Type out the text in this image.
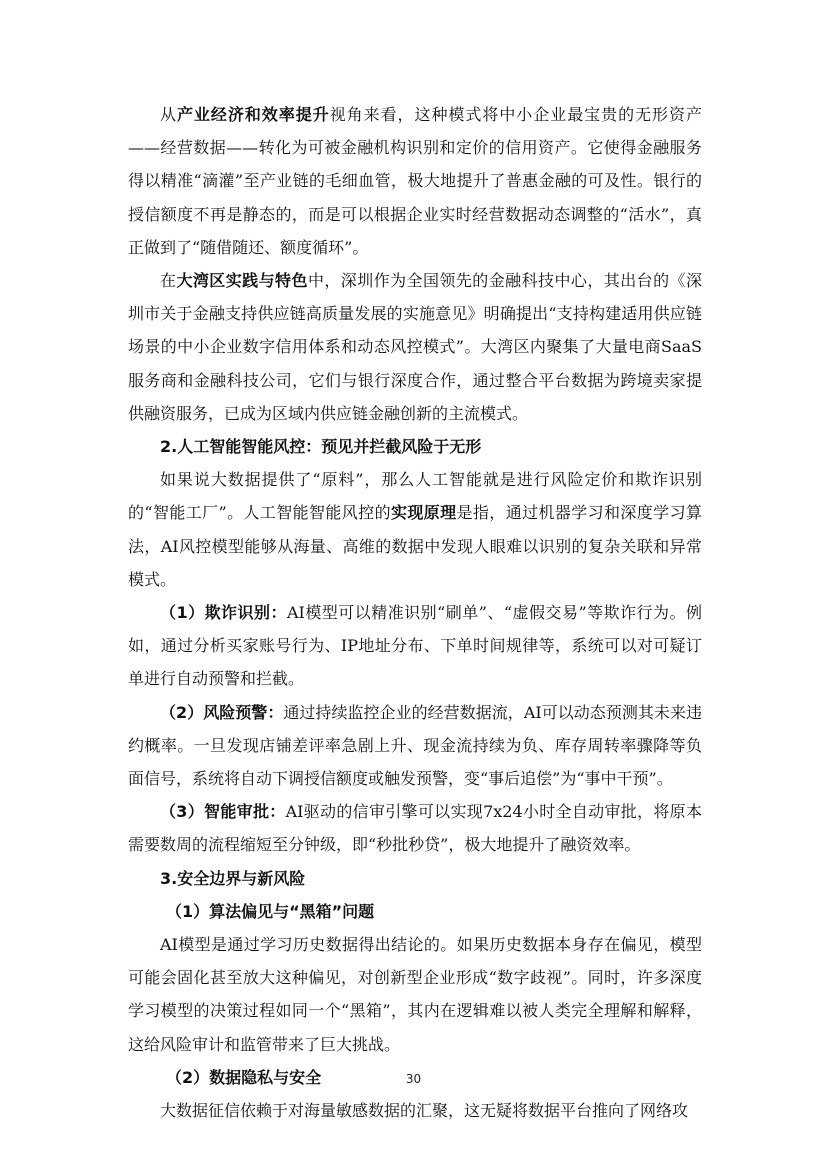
从产业经济和效率提升视角来看，这种模式将中小企业最宝贵的无形资产——经营数据——转化为可被金融机构识别和定价的信用资产。它使得金融服务得以精准“滴灌”至产业链的毛细血管，极大地提升了普惠金融的可及性。银行的授信额度不再是静态的，而是可以根据企业实时经营数据动态调整的“活水”，真正做到了“随借随还、额度循环”。

在大湾区实践与特色中，深圳作为全国领先的金融科技中心，其出台的《深圳市关于金融支持供应链高质量发展的实施意见》明确提出“支持构建适用供应链场景的中小企业数字信用体系和动态风控模式”。大湾区内聚集了大量电商SaaS服务商和金融科技公司，它们与银行深度合作，通过整合平台数据为跨境卖家提供融资服务，已成为区域内供应链金融创新的主流模式。

2.人工智能智能风控：预见并拦截风险于无形

如果说大数据提供了“原料”，那么人工智能就是进行风险定价和欺诈识别的“智能工厂”。人工智能智能风控的实现原理是指，通过机器学习和深度学习算法，AI风控模型能够从海量、高维的数据中发现人眼难以识别的复杂关联和异常模式。

（1）欺诈识别：AI模型可以精准识别“刷单”、“虚假交易”等欺诈行为。例如，通过分析买家账号行为、IP地址分布、下单时间规律等，系统可以对可疑订单进行自动预警和拦截。

（2）风险预警：通过持续监控企业的经营数据流，AI可以动态预测其未来违约概率。一旦发现店铺差评率急剧上升、现金流持续为负、库存周转率骤降等负面信号，系统将自动下调授信额度或触发预警，变“事后追偿”为“事中干预”。

（3）智能审批：AI驱动的信审引擎可以实现7x24小时全自动审批，将原本需要数周的流程缩短至分钟级，即“秒批秒贷”，极大地提升了融资效率。

3.安全边界与新风险

（1）算法偏见与“黑箱”问题

AI模型是通过学习历史数据得出结论的。如果历史数据本身存在偏见，模型可能会固化甚至放大这种偏见，对创新型企业形成“数字歧视”。同时，许多深度学习模型的决策过程如同一个“黑箱”，其内在逻辑难以被人类完全理解和解释，这给风险审计和监管带来了巨大挑战。

（2）数据隐私与安全

大数据征信依赖于对海量敏感数据的汇聚，这无疑将数据平台推向了网络攻

30
